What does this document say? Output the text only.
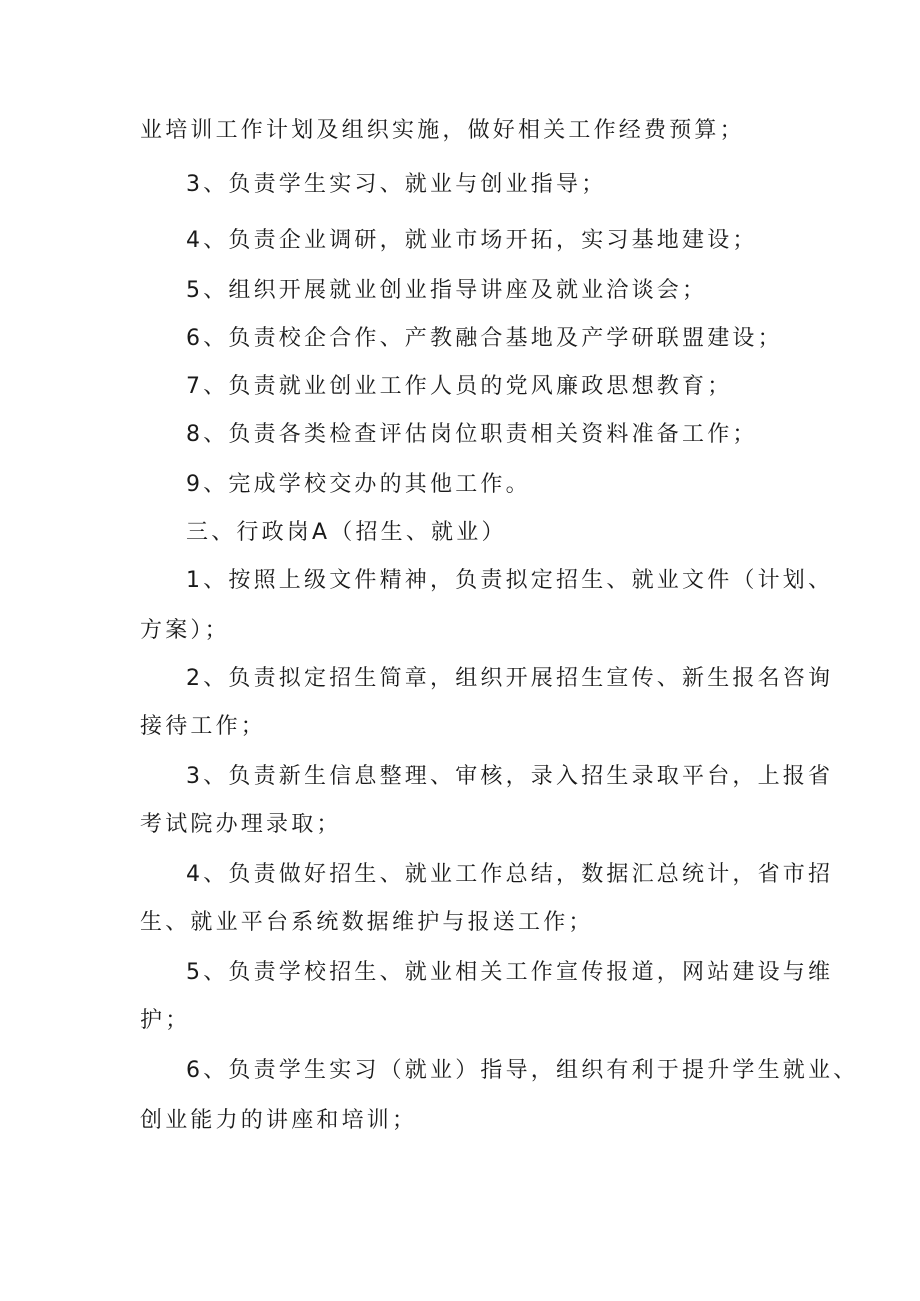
业培训工作计划及组织实施，做好相关工作经费预算；
3、负责学生实习、就业与创业指导；
4、负责企业调研，就业市场开拓，实习基地建设；
5、组织开展就业创业指导讲座及就业洽谈会；
6、负责校企合作、产教融合基地及产学研联盟建设；
7、负责就业创业工作人员的党风廉政思想教育；
8、负责各类检查评估岗位职责相关资料准备工作；
9、完成学校交办的其他工作。
三、行政岗A（招生、就业）
1、按照上级文件精神，负责拟定招生、就业文件（计划、
方案）；
2、负责拟定招生简章，组织开展招生宣传、新生报名咨询
接待工作；
3、负责新生信息整理、审核，录入招生录取平台，上报省
考试院办理录取；
4、负责做好招生、就业工作总结，数据汇总统计，省市招
生、就业平台系统数据维护与报送工作；
5、负责学校招生、就业相关工作宣传报道，网站建设与维
护；
6、负责学生实习（就业）指导，组织有利于提升学生就业、
创业能力的讲座和培训；
